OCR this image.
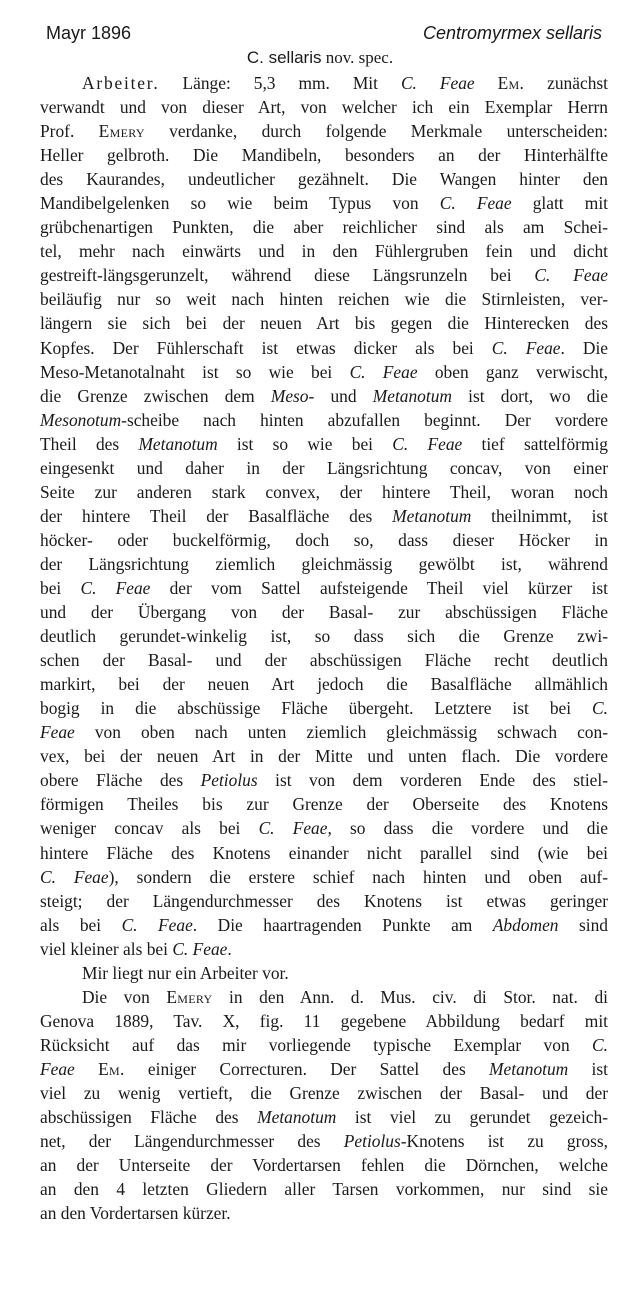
Mayr 1896	Centromyrmex sellaris
C. sellaris nov. spec.
Arbeiter. Länge: 5,3 mm. Mit C. Feae Em. zunächst
verwandt und von dieser Art, von welcher ich ein Exemplar Herrn
Prof. Emery verdanke, durch folgende Merkmale unterscheiden:
Heller gelbroth. Die Mandibeln, besonders an der Hinterhälfte
des Kaurandes, undeutlicher gezähnelt. Die Wangen hinter den
Mandibelgelenken so wie beim Typus von C. Feae glatt mit
grübchenartigen Punkten, die aber reichlicher sind als am Schei-
tel, mehr nach einwärts und in den Fühlergruben fein und dicht
gestreift-längsgerunzelt, während diese Längsrunzeln bei C. Feae
beiläufig nur so weit nach hinten reichen wie die Stirnleisten, ver-
längern sie sich bei der neuen Art bis gegen die Hinterecken des
Kopfes. Der Fühlerschaft ist etwas dicker als bei C. Feae. Die
Meso-Metanotalnaht ist so wie bei C. Feae oben ganz verwischt,
die Grenze zwischen dem Meso- und Metanotum ist dort, wo die
Mesonotum-scheibe nach hinten abzufallen beginnt. Der vordere
Theil des Metanotum ist so wie bei C. Feae tief sattelförmig
eingesenkt und daher in der Längsrichtung concav, von einer
Seite zur anderen stark convex, der hintere Theil, woran noch
der hintere Theil der Basalfläche des Metanotum theilnimmt, ist
höcker- oder buckelförmig, doch so, dass dieser Höcker in
der Längsrichtung ziemlich gleichmässig gewölbt ist, während
bei C. Feae der vom Sattel aufsteigende Theil viel kürzer ist
und der Übergang von der Basal- zur abschüssigen Fläche
deutlich gerundet-winkelig ist, so dass sich die Grenze zwi-
schen der Basal- und der abschüssigen Fläche recht deutlich
markirt, bei der neuen Art jedoch die Basalfläche allmählich
bogig in die abschüssige Fläche übergeht. Letztere ist bei C.
Feae von oben nach unten ziemlich gleichmässig schwach con-
vex, bei der neuen Art in der Mitte und unten flach. Die vordere
obere Fläche des Petiolus ist von dem vorderen Ende des stiel-
förmigen Theiles bis zur Grenze der Oberseite des Knotens
weniger concav als bei C. Feae, so dass die vordere und die
hintere Fläche des Knotens einander nicht parallel sind (wie bei
C. Feae), sondern die erstere schief nach hinten und oben auf-
steigt; der Längendurchmesser des Knotens ist etwas geringer
als bei C. Feae. Die haartragenden Punkte am Abdomen sind
viel kleiner als bei C. Feae.
Mir liegt nur ein Arbeiter vor.
Die von Emery in den Ann. d. Mus. civ. di Stor. nat. di
Genova 1889, Tav. X, fig. 11 gegebene Abbildung bedarf mit
Rücksicht auf das mir vorliegende typische Exemplar von C.
Feae Em. einiger Correcturen. Der Sattel des Metanotum ist
viel zu wenig vertieft, die Grenze zwischen der Basal- und der
abschüssigen Fläche des Metanotum ist viel zu gerundet gezeich-
net, der Längendurchmesser des Petiolus-Knotens ist zu gross,
an der Unterseite der Vordertarsen fehlen die Dörnchen, welche
an den 4 letzten Gliedern aller Tarsen vorkommen, nur sind sie
an den Vordertarsen kürzer.
